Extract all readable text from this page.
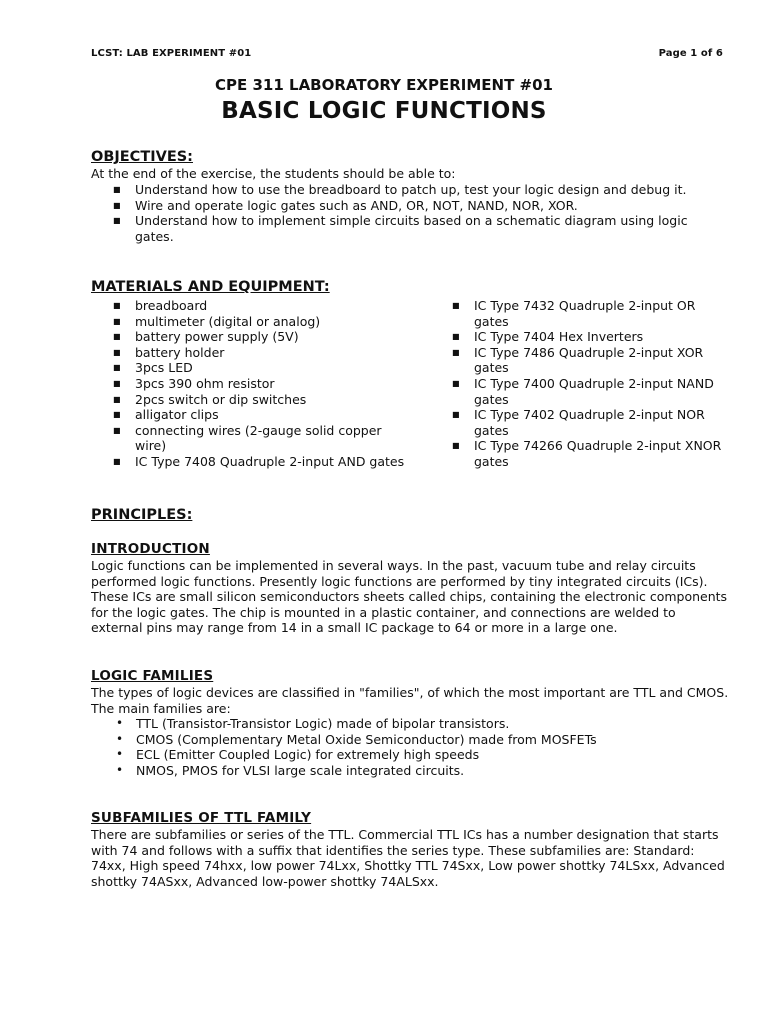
LCST: LAB EXPERIMENT #01	Page 1 of 6
CPE 311 LABORATORY EXPERIMENT #01
BASIC LOGIC FUNCTIONS
OBJECTIVES:
At the end of the exercise, the students should be able to:
■ Understand how to use the breadboard to patch up, test your logic design and debug it.
■ Wire and operate logic gates such as AND, OR, NOT, NAND, NOR, XOR.
■ Understand how to implement simple circuits based on a schematic diagram using logic gates.
MATERIALS AND EQUIPMENT:
■ breadboard
■ multimeter (digital or analog)
■ battery power supply (5V)
■ battery holder
■ 3pcs LED
■ 3pcs 390 ohm resistor
■ 2pcs switch or dip switches
■ alligator clips
■ connecting wires (2-gauge solid copper wire)
■ IC Type 7408 Quadruple 2-input AND gates
■ IC Type 7432 Quadruple 2-input OR gates
■ IC Type 7404 Hex Inverters
■ IC Type 7486 Quadruple 2-input XOR gates
■ IC Type 7400 Quadruple 2-input NAND gates
■ IC Type 7402 Quadruple 2-input NOR gates
■ IC Type 74266 Quadruple 2-input XNOR gates
PRINCIPLES:
INTRODUCTION
Logic functions can be implemented in several ways. In the past, vacuum tube and relay circuits performed logic functions. Presently logic functions are performed by tiny integrated circuits (ICs). These ICs are small silicon semiconductors sheets called chips, containing the electronic components for the logic gates. The chip is mounted in a plastic container, and connections are welded to external pins may range from 14 in a small IC package to 64 or more in a large one.
LOGIC FAMILIES
The types of logic devices are classified in "families", of which the most important are TTL and CMOS. The main families are:
• TTL (Transistor-Transistor Logic) made of bipolar transistors.
• CMOS (Complementary Metal Oxide Semiconductor) made from MOSFETs
• ECL (Emitter Coupled Logic) for extremely high speeds
• NMOS, PMOS for VLSI large scale integrated circuits.
SUBFAMILIES OF TTL FAMILY
There are subfamilies or series of the TTL. Commercial TTL ICs has a number designation that starts with 74 and follows with a suffix that identifies the series type. These subfamilies are: Standard: 74xx, High speed 74hxx, low power 74Lxx, Shottky TTL 74Sxx, Low power shottky 74LSxx, Advanced shottky 74ASxx, Advanced low-power shottky 74ALSxx.
